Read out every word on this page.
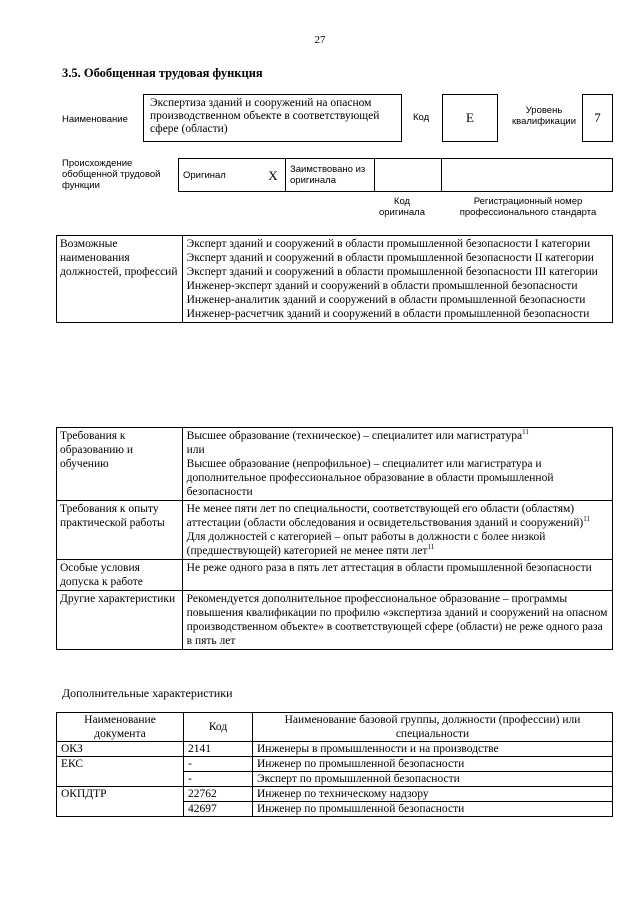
27
3.5. Обобщенная трудовая функция
Наименование
Экспертиза зданий и сооружений на опасном производственном объекте в соответствующей сфере (области)
Код	E	Уровень квалификации	7
Происхождение обобщенной трудовой функции
Оригинал	X	Заимствовано из оригинала		
Код оригинала
Регистрационный номер профессионального стандарта
Возможные наименования должностей, профессий	
Эксперт зданий и сооружений в области промышленной безопасности I категории
Эксперт зданий и сооружений в области промышленной безопасности II категории
Эксперт зданий и сооружений в области промышленной безопасности III категории
Инженер-эксперт зданий и сооружений в области промышленной безопасности
Инженер-аналитик зданий и сооружений в области промышленной безопасности
Инженер-расчетчик зданий и сооружений в области промышленной безопасности
Требования к образованию и обучению	Высшее образование (техническое) – специалитет или магистратура$^{11}$
или
Высшее образование (непрофильное) – специалитет или магистратура и дополнительное профессиональное образование в области промышленной безопасности

Требования к опыту практической работы	Не менее пяти лет по специальности, соответствующей его области (областям) аттестации (области обследования и освидетельствования зданий и сооружений)$^{11}$
Для должностей с категорией – опыт работы в должности с более низкой (предшествующей) категорией не менее пяти лет$^{11}$

Особые условия допуска к работе	Не реже одного раза в пять лет аттестация в области промышленной безопасности
Другие характеристики	Рекомендуется дополнительное профессиональное образование – программы повышения квалификации по профилю «экспертиза зданий и сооружений на опасном производственном объекте» в соответствующей сфере (области) не реже одного раза в пять лет
Дополнительные характеристики
Наименование документа	Код	Наименование базовой группы, должности (профессии) или специальности
ОКЗ	2141	Инженеры в промышленности и на производстве
ЕКС	-	Инженер по промышленной безопасности
	-	Эксперт по промышленной безопасности
ОКПДТР	22762	Инженер по техническому надзору
	42697	Инженер по промышленной безопасности
